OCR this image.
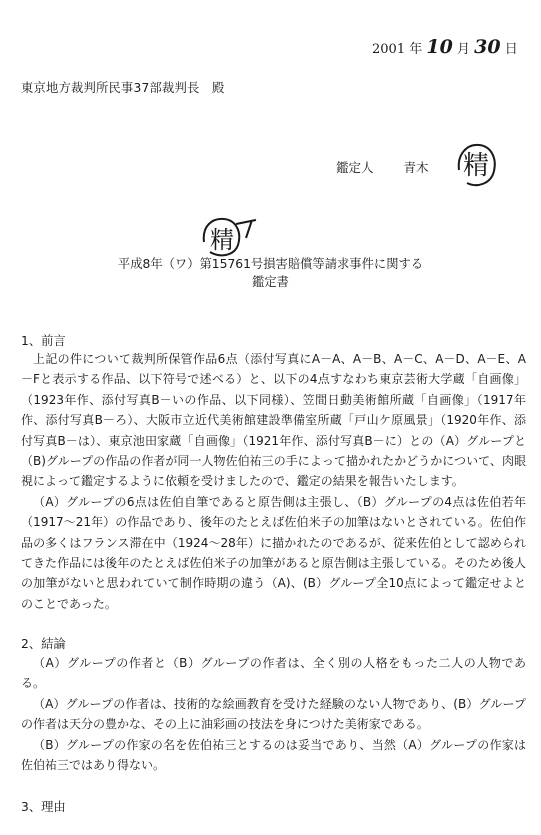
2001 年 10 月 30 日
東京地方裁判所民事37部裁判長　殿
鑑定人 青木 精
精
平成8年（ワ）第15761号損害賠償等請求事件に関する
鑑定書
1、前言

上記の件について裁判所保管作品6点（添付写真にA－A、A－B、A－C、A－D、A－E、A－Fと表示する作品、以下符号で述べる）と、以下の4点すなわち東京芸術大学蔵「自画像」（1923年作、添付写真B－いの作品、以下同様）、笠間日動美術館所蔵「自画像」（1917年作、添付写真B－ろ）、大阪市立近代美術館建設準備室所蔵「戸山ケ原風景」（1920年作、添付写真B－は）、東京池田家蔵「自画像」（1921年作、添付写真B－に）との（A）グループと（B)グループの作品の作者が同一人物佐伯祐三の手によって描かれたかどうかについて、肉眼視によって鑑定するように依頼を受けましたので、鑑定の結果を報告いたします。

（A）グループの6点は佐伯自筆であると原告側は主張し、（B）グループの4点は佐伯若年（1917～21年）の作品であり、後年のたとえば佐伯米子の加筆はないとされている。佐伯作品の多くはフランス滞在中（1924～28年）に描かれたのであるが、従来佐伯として認められてきた作品には後年のたとえば佐伯米子の加筆があると原告側は主張している。そのため後人の加筆がないと思われていて制作時期の違う（A)、(B）グループ全10点によって鑑定せよとのことであった。

2、結論

（A）グループの作者と（B）グループの作者は、全く別の人格をもった二人の人物である。

（A）グループの作者は、技術的な絵画教育を受けた経験のない人物であり、(B）グループの作者は天分の豊かな、その上に油彩画の技法を身につけた美術家である。

（B）グループの作家の名を佐伯祐三とするのは妥当であり、当然（A）グループの作家は佐伯祐三ではあり得ない。

3、理由
